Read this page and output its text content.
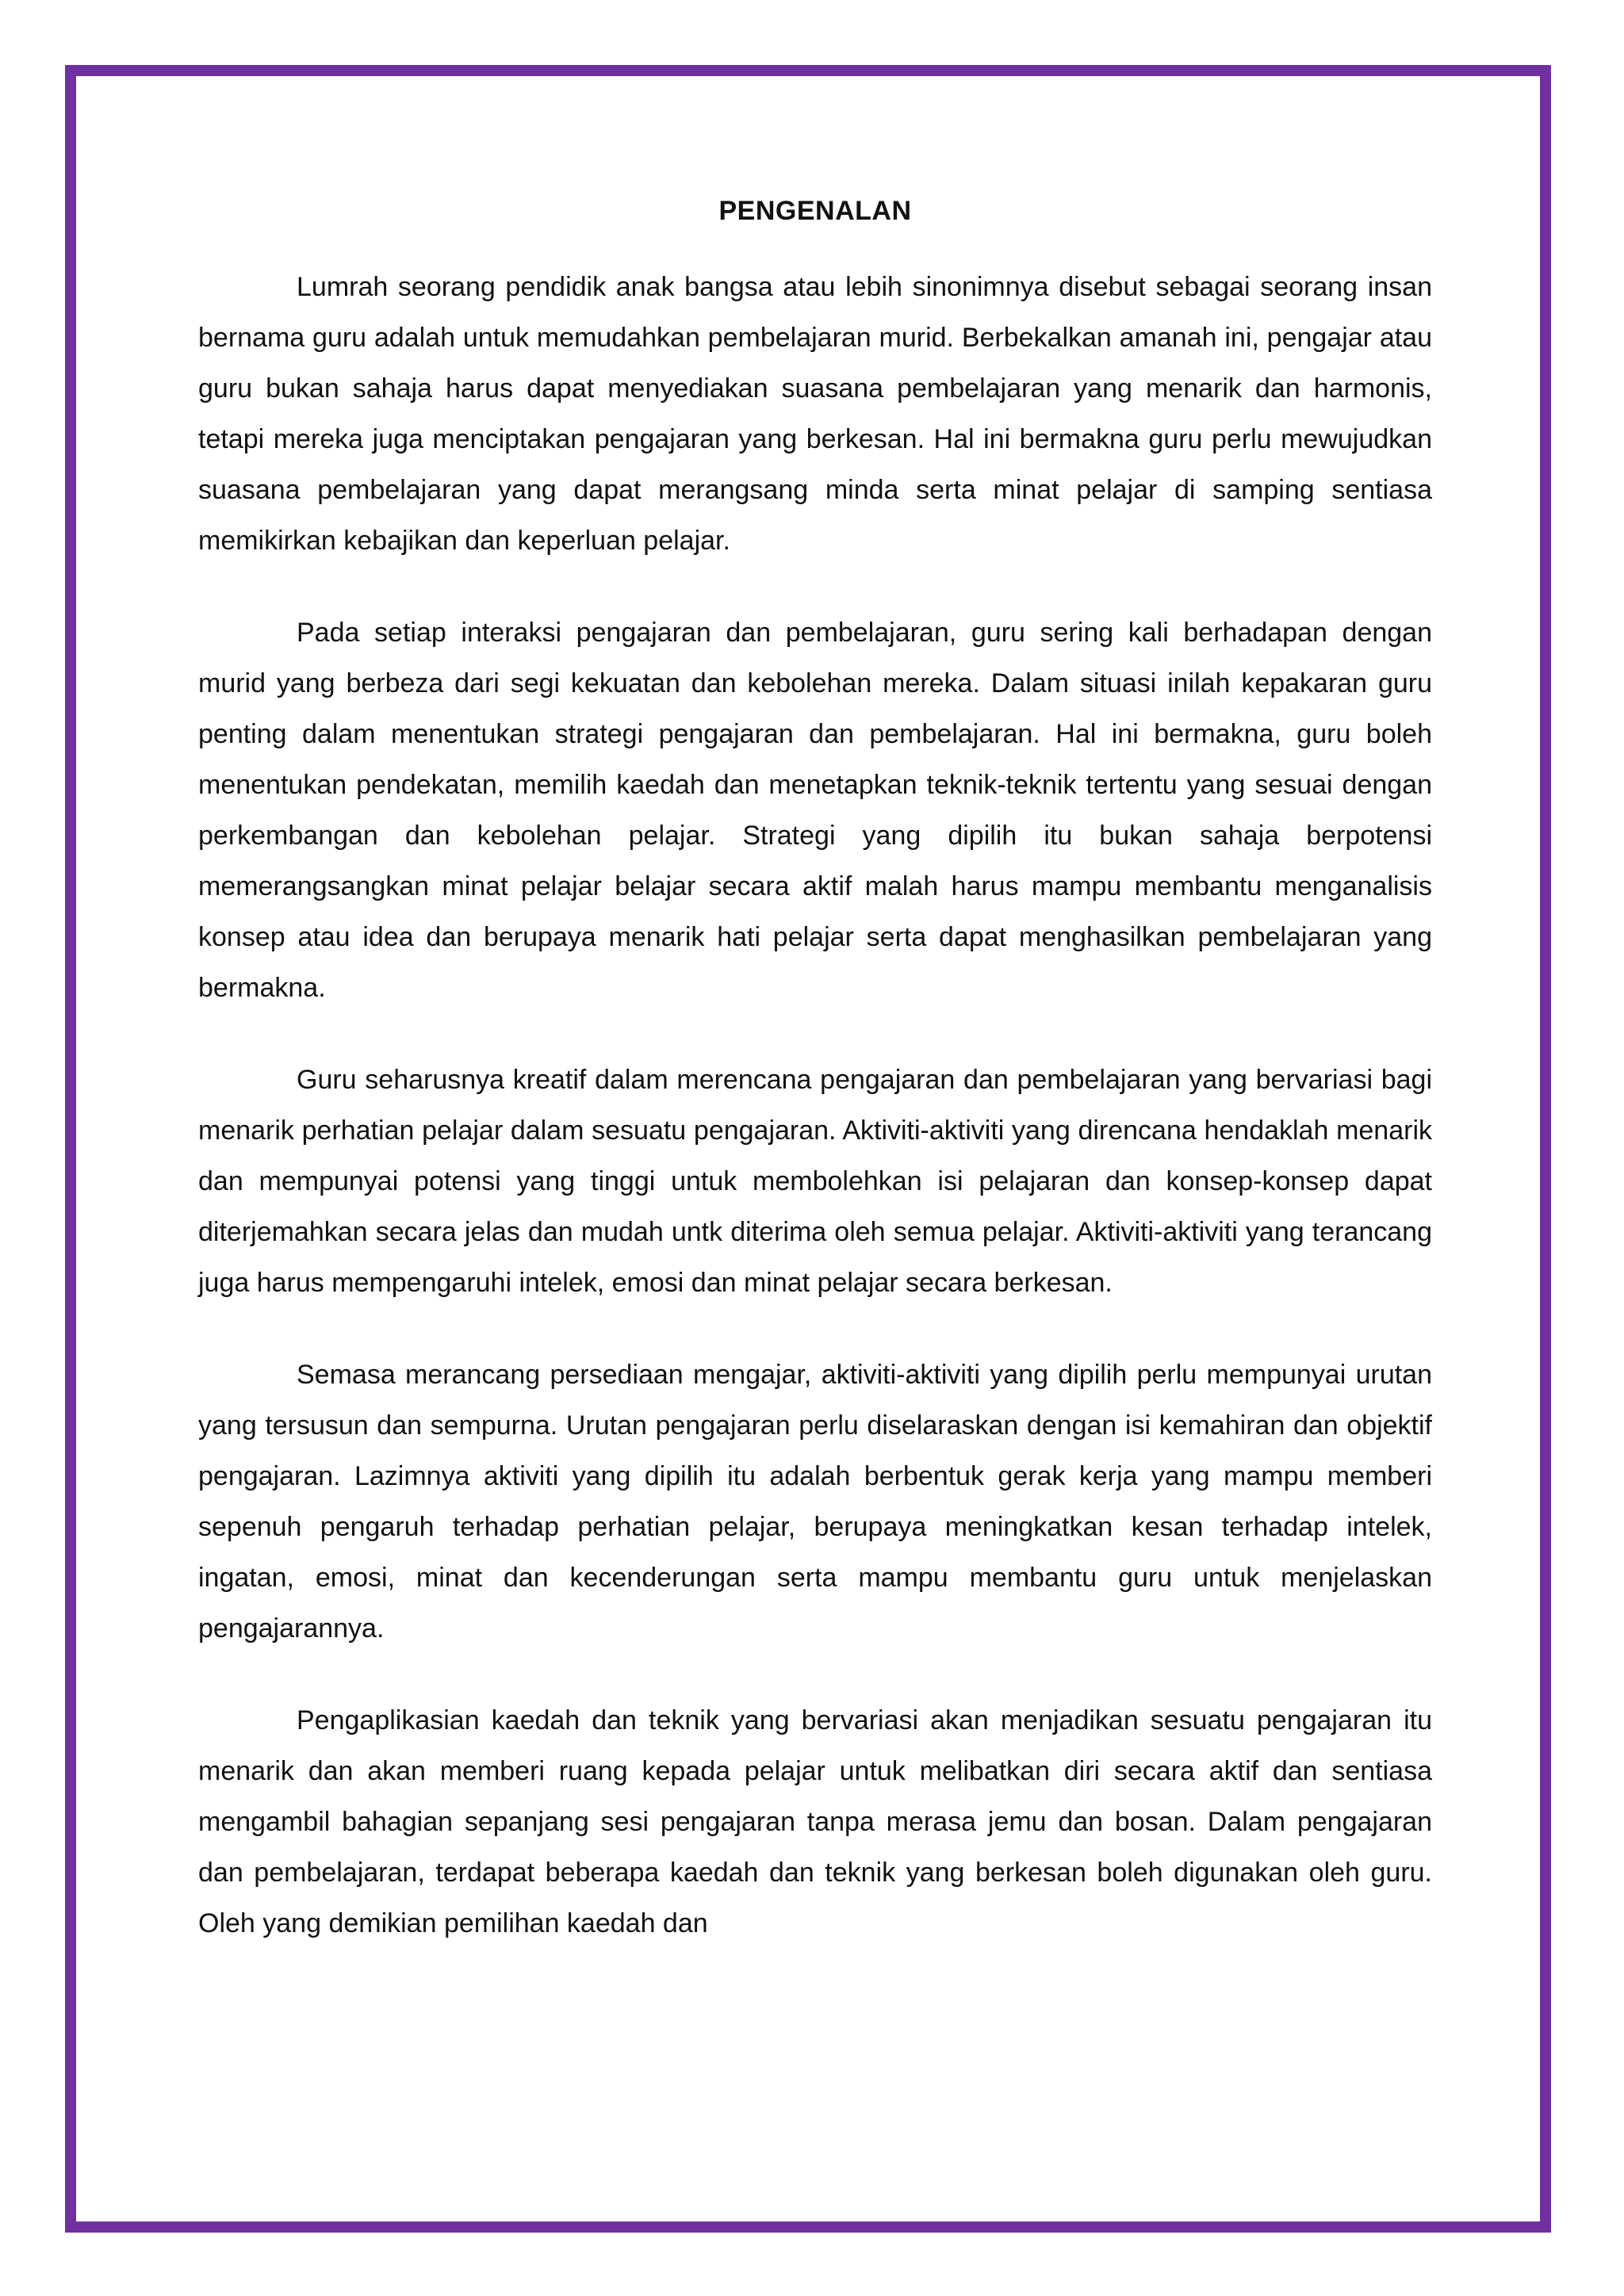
PENGENALAN

Lumrah seorang pendidik anak bangsa atau lebih sinonimnya disebut sebagai seorang insan bernama guru adalah untuk memudahkan pembelajaran murid. Berbekalkan amanah ini, pengajar atau guru bukan sahaja harus dapat menyediakan suasana pembelajaran yang menarik dan harmonis, tetapi mereka juga menciptakan pengajaran yang berkesan. Hal ini bermakna guru perlu mewujudkan suasana pembelajaran yang dapat merangsang minda serta minat pelajar di samping sentiasa memikirkan kebajikan dan keperluan pelajar.

Pada setiap interaksi pengajaran dan pembelajaran, guru sering kali berhadapan dengan murid yang berbeza dari segi kekuatan dan kebolehan mereka. Dalam situasi inilah kepakaran guru penting dalam menentukan strategi pengajaran dan pembelajaran. Hal ini bermakna, guru boleh menentukan pendekatan, memilih kaedah dan menetapkan teknik-teknik tertentu yang sesuai dengan perkembangan dan kebolehan pelajar. Strategi yang dipilih itu bukan sahaja berpotensi memerangsangkan minat pelajar belajar secara aktif malah harus mampu membantu menganalisis konsep atau idea dan berupaya menarik hati pelajar serta dapat menghasilkan pembelajaran yang bermakna.

Guru seharusnya kreatif dalam merencana pengajaran dan pembelajaran yang bervariasi bagi menarik perhatian pelajar dalam sesuatu pengajaran. Aktiviti-aktiviti yang direncana hendaklah menarik dan mempunyai potensi yang tinggi untuk membolehkan isi pelajaran dan konsep-konsep dapat diterjemahkan secara jelas dan mudah untk diterima oleh semua pelajar. Aktiviti-aktiviti yang terancang juga harus mempengaruhi intelek, emosi dan minat pelajar secara berkesan.

Semasa merancang persediaan mengajar, aktiviti-aktiviti yang dipilih perlu mempunyai urutan yang tersusun dan sempurna. Urutan pengajaran perlu diselaraskan dengan isi kemahiran dan objektif pengajaran. Lazimnya aktiviti yang dipilih itu adalah berbentuk gerak kerja yang mampu memberi sepenuh pengaruh terhadap perhatian pelajar, berupaya meningkatkan kesan terhadap intelek, ingatan, emosi, minat dan kecenderungan serta mampu membantu guru untuk menjelaskan pengajarannya.

Pengaplikasian kaedah dan teknik yang bervariasi akan menjadikan sesuatu pengajaran itu menarik dan akan memberi ruang kepada pelajar untuk melibatkan diri secara aktif dan sentiasa mengambil bahagian sepanjang sesi pengajaran tanpa merasa jemu dan bosan. Dalam pengajaran dan pembelajaran, terdapat beberapa kaedah dan teknik yang berkesan boleh digunakan oleh guru. Oleh yang demikian pemilihan kaedah dan
